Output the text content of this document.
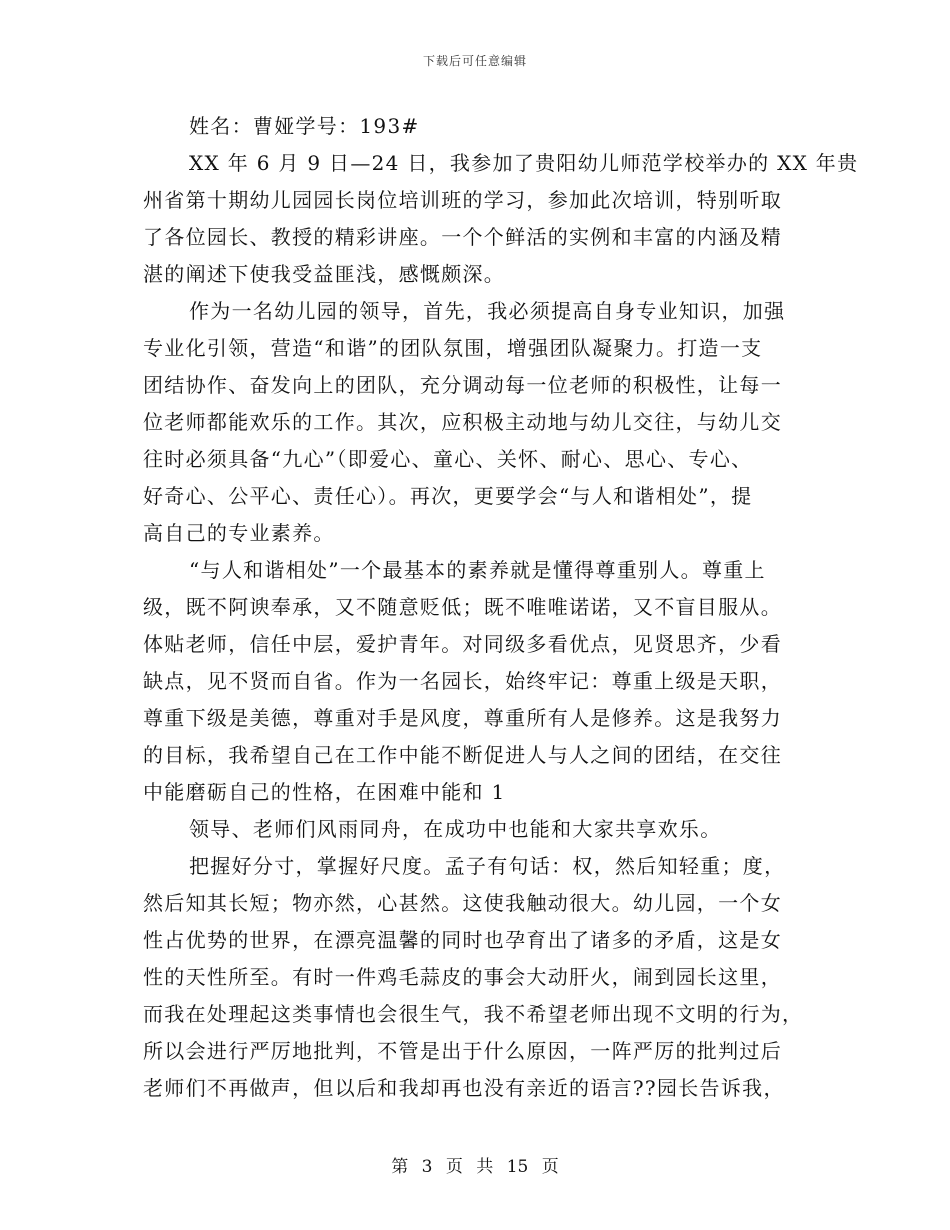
下载后可任意编辑
姓名：曹娅学号：193#
XX 年 6 月 9 日—24 日，我参加了贵阳幼儿师范学校举办的 XX 年贵
州省第十期幼儿园园长岗位培训班的学习，参加此次培训，特别听取
了各位园长、教授的精彩讲座。一个个鲜活的实例和丰富的内涵及精
湛的阐述下使我受益匪浅，感慨颇深。
作为一名幼儿园的领导，首先，我必须提高自身专业知识，加强
专业化引领，营造“和谐”的团队氛围，增强团队凝聚力。打造一支
团结协作、奋发向上的团队，充分调动每一位老师的积极性，让每一
位老师都能欢乐的工作。其次，应积极主动地与幼儿交往，与幼儿交
往时必须具备“九心”（即爱心、童心、关怀、耐心、思心、专心、
好奇心、公平心、责任心）。再次，更要学会“与人和谐相处”，提
高自己的专业素养。
“与人和谐相处”一个最基本的素养就是懂得尊重别人。尊重上
级，既不阿谀奉承，又不随意贬低；既不唯唯诺诺，又不盲目服从。
体贴老师，信任中层，爱护青年。对同级多看优点，见贤思齐，少看
缺点，见不贤而自省。作为一名园长，始终牢记：尊重上级是天职，
尊重下级是美德，尊重对手是风度，尊重所有人是修养。这是我努力
的目标，我希望自己在工作中能不断促进人与人之间的团结，在交往
中能磨砺自己的性格，在困难中能和 1
领导、老师们风雨同舟，在成功中也能和大家共享欢乐。
把握好分寸，掌握好尺度。孟子有句话：权，然后知轻重；度，
然后知其长短；物亦然，心甚然。这使我触动很大。幼儿园，一个女
性占优势的世界，在漂亮温馨的同时也孕育出了诸多的矛盾，这是女
性的天性所至。有时一件鸡毛蒜皮的事会大动肝火，闹到园长这里，
而我在处理起这类事情也会很生气，我不希望老师出现不文明的行为，
所以会进行严厉地批判，不管是出于什么原因，一阵严厉的批判过后
老师们不再做声，但以后和我却再也没有亲近的语言??园长告诉我，
第 3 页 共 15 页
